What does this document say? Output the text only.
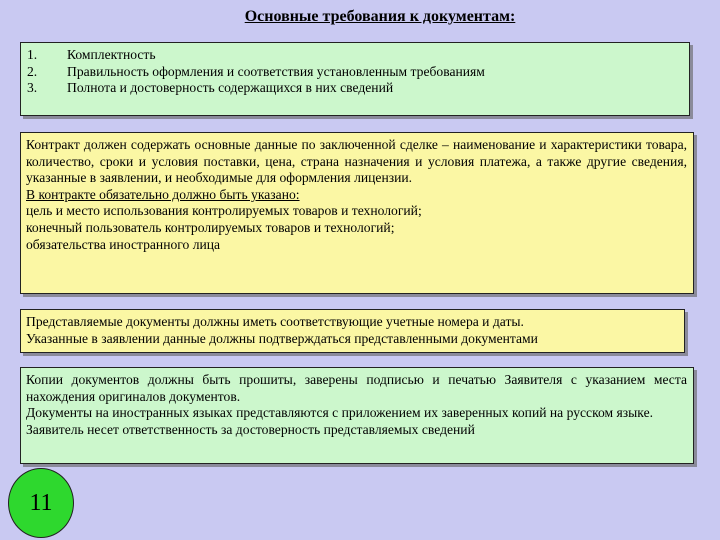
Основные требования к документам:
1.	Комплектность
2.	Правильность оформления и соответствия установленным требованиям
3.	Полнота и достоверность содержащихся в них сведений

Контракт должен содержать основные данные по заключенной сделке – наименование и характеристики товара, количество, сроки и условия поставки, цена, страна назначения и условия платежа, а также другие сведения, указанные в заявлении, и необходимые для оформления лицензии.

В контракте обязательно должно быть указано:

цель и место использования контролируемых товаров и технологий;

конечный пользователь контролируемых товаров и технологий;

обязательства иностранного лица

Представляемые документы должны иметь соответствующие учетные номера и даты.

Указанные в заявлении данные должны подтверждаться представленными документами

Копии документов должны быть прошиты, заверены подписью и печатью Заявителя с указанием места нахождения оригиналов документов.

Документы на иностранных языках представляются с приложением их заверенных копий на русском языке.

Заявитель несет ответственность за достоверность представляемых сведений

11
